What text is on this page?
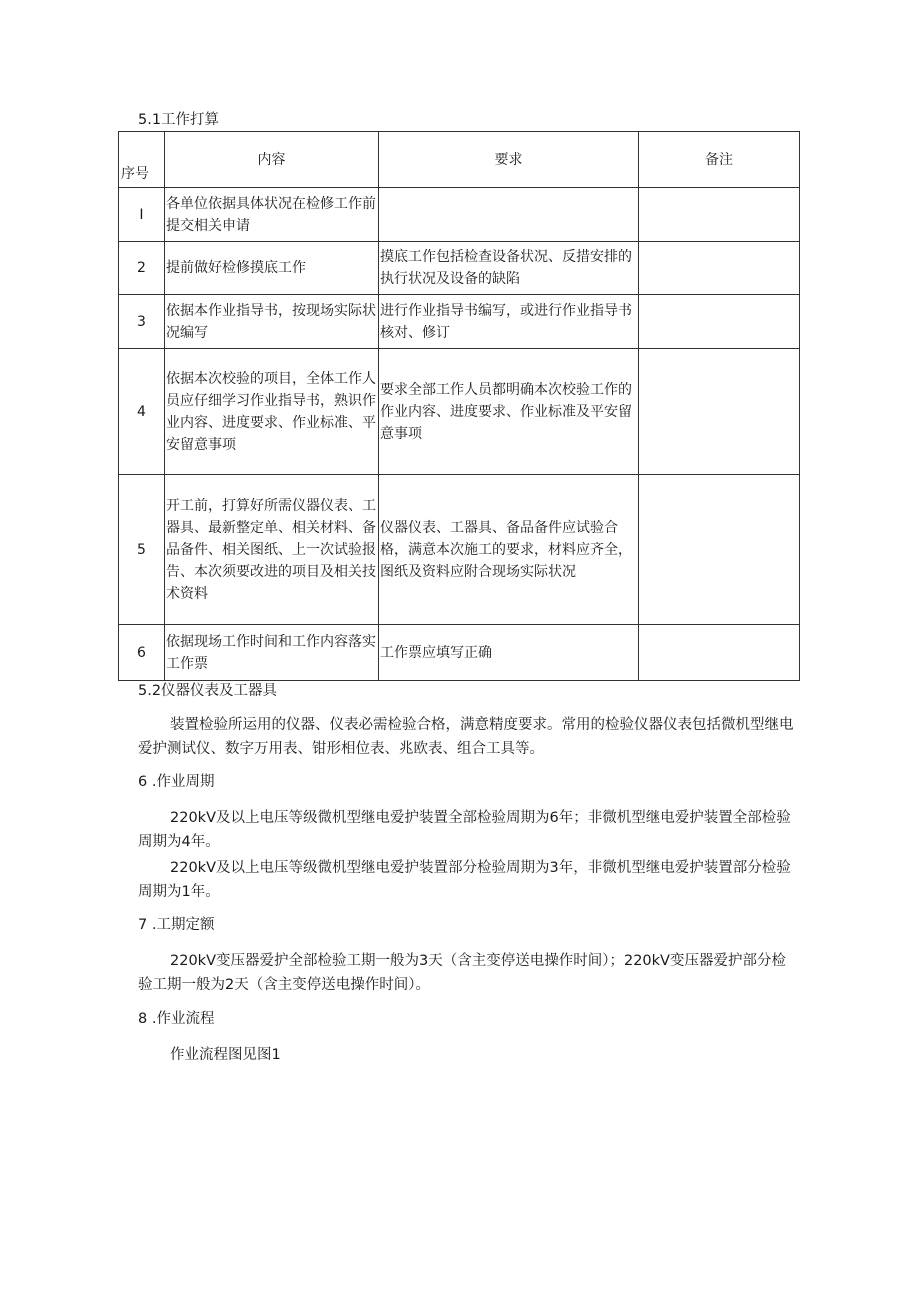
5.1工作打算
序号	内容	要求	备注
I	各单位依据具体状况在检修工作前提交相关申请		
2	提前做好检修摸底工作	摸底工作包括检查设备状况、反措安排的执行状况及设备的缺陷	
3	依据本作业指导书，按现场实际状况编写	进行作业指导书编写，或进行作业指导书核对、修订	
4	依据本次校验的项目，全体工作人员应仔细学习作业指导书，熟识作业内容、进度要求、作业标准、平安留意事项	要求全部工作人员都明确本次校验工作的作业内容、进度要求、作业标准及平安留意事项	
5	开工前，打算好所需仪器仪表、工器具、最新整定单、相关材料、备品备件、相关图纸、上一次试验报告、本次须要改进的项目及相关技术资料	仪器仪表、工器具、备品备件应试验合格，满意本次施工的要求，材料应齐全，图纸及资料应附合现场实际状况	
6	依据现场工作时间和工作内容落实工作票	工作票应填写正确	
5.2仪器仪表及工器具
装置检验所运用的仪器、仪表必需检验合格，满意精度要求。常用的检验仪器仪表包括微机型继电爱护测试仪、数字万用表、钳形相位表、兆欧表、组合工具等。
6 .作业周期
220kV及以上电压等级微机型继电爱护装置全部检验周期为6年；非微机型继电爱护装置全部检验周期为4年。
220kV及以上电压等级微机型继电爱护装置部分检验周期为3年，非微机型继电爱护装置部分检验周期为1年。
7 .工期定额
220kV变压器爱护全部检验工期一般为3天（含主变停送电操作时间）；220kV变压器爱护部分检验工期一般为2天（含主变停送电操作时间）。
8 .作业流程
作业流程图见图1
